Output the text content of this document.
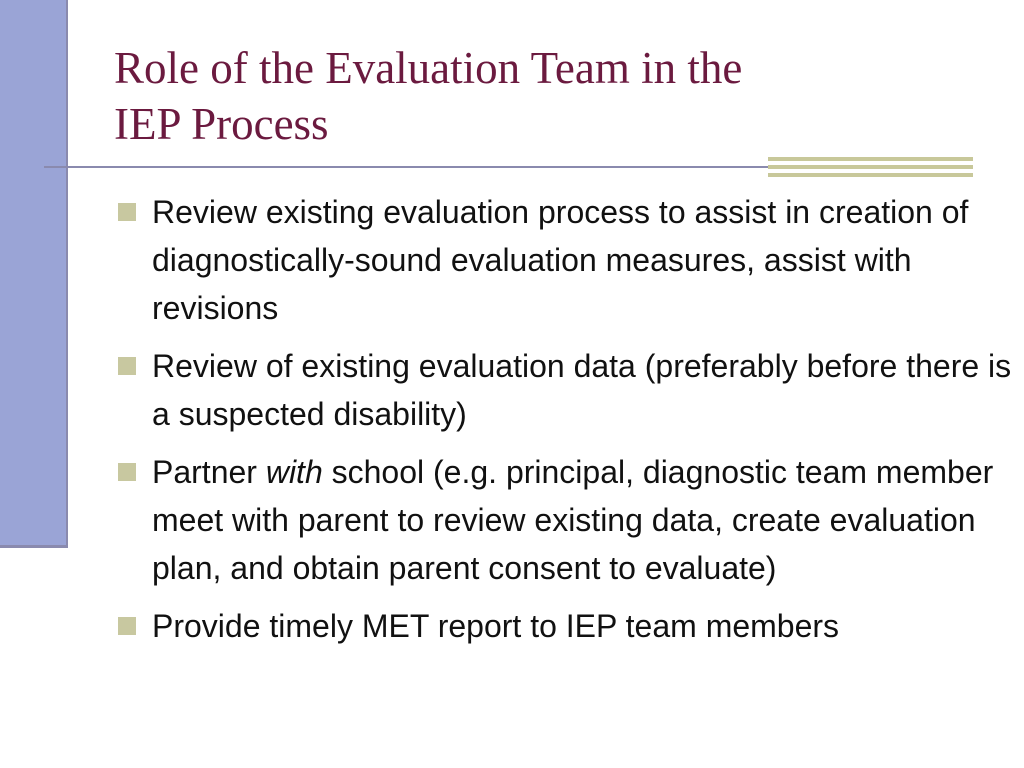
Role of the Evaluation Team in the
IEP Process
Review existing evaluation process to assist in creation of diagnostically-sound evaluation measures, assist with revisions
Review of existing evaluation data (preferably before there is a suspected disability)
Partner with school (e.g. principal, diagnostic team member meet with parent to review existing data, create evaluation plan, and obtain parent consent to evaluate)
Provide timely MET report to IEP team members
